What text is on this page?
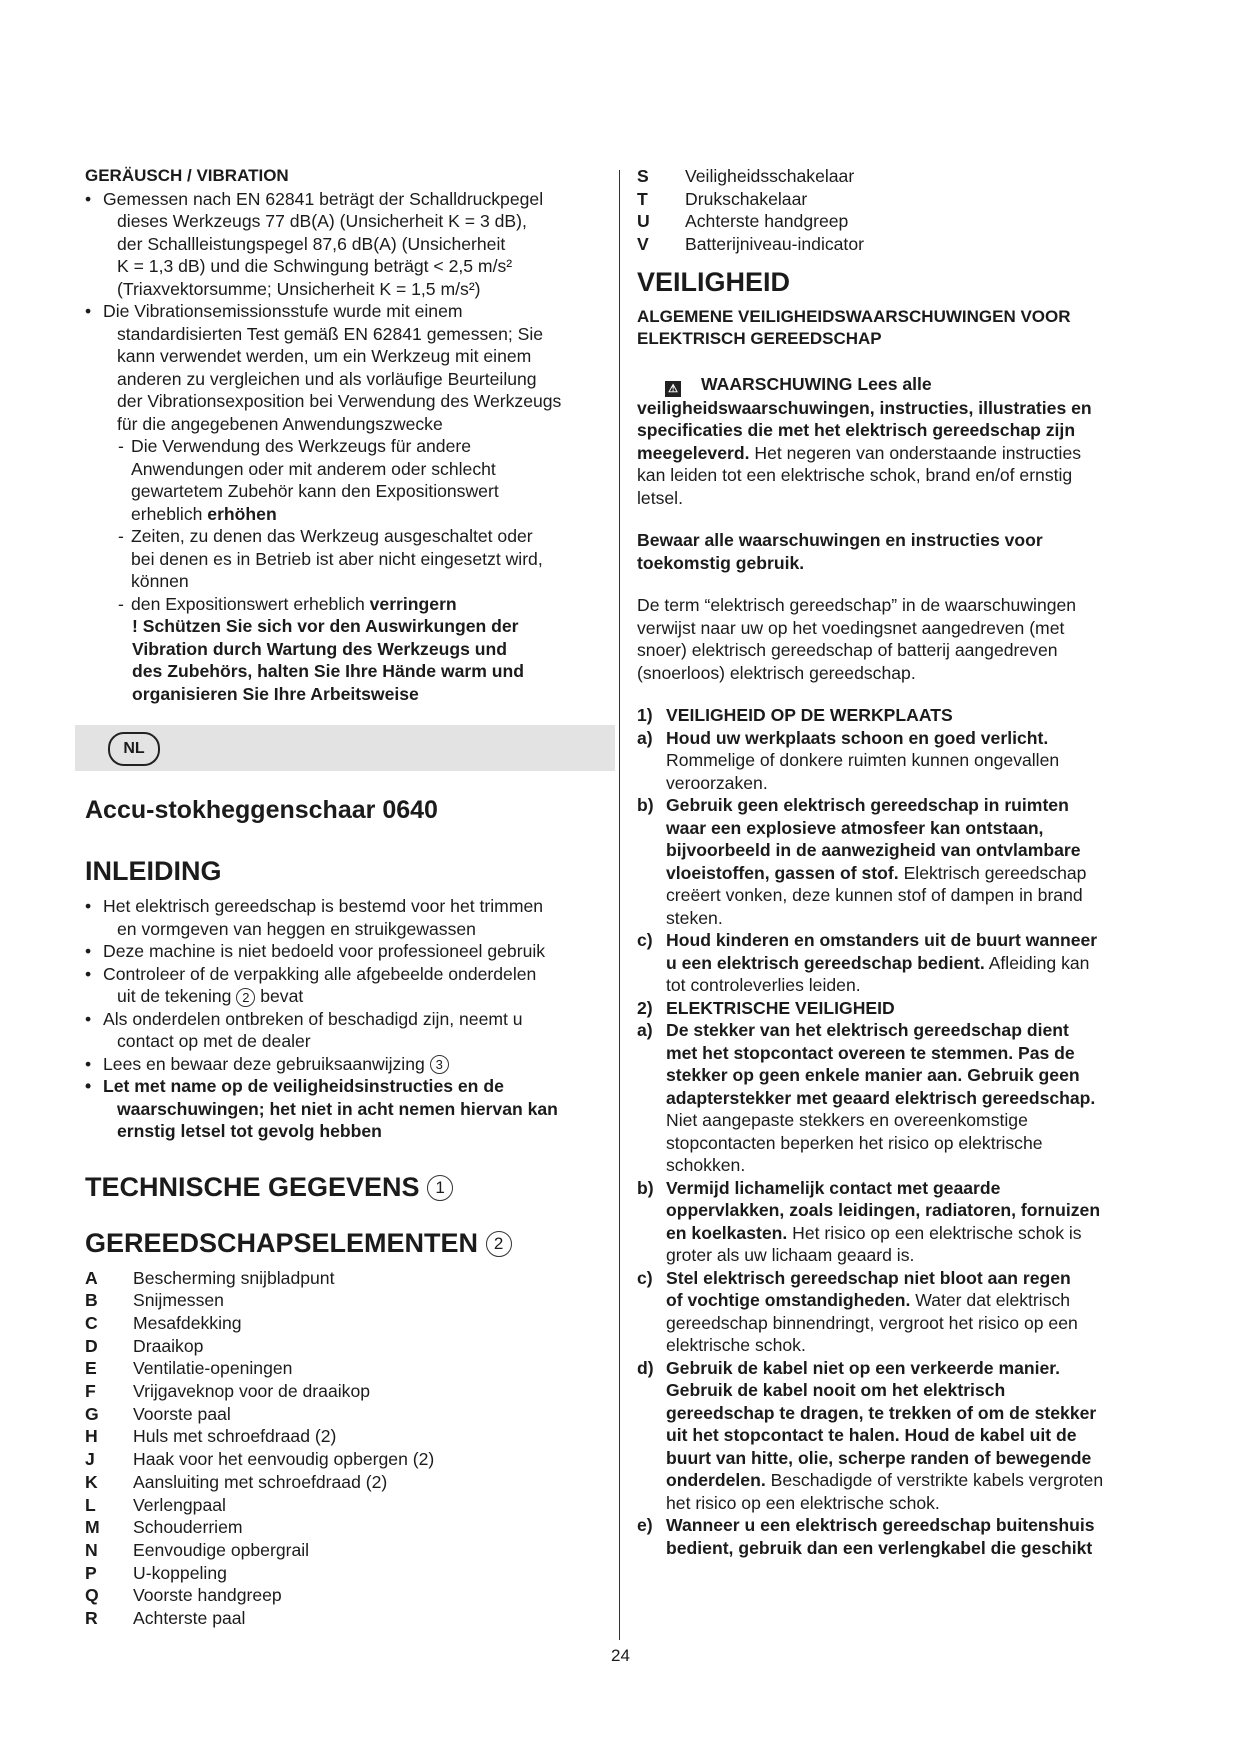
GERÄUSCH / VIBRATION

• Gemessen nach EN 62841 beträgt der Schalldruckpegel
dieses Werkzeugs 77 dB(A) (Unsicherheit K = 3 dB),
der Schallleistungspegel 87,6 dB(A) (Unsicherheit
K = 1,3 dB) und die Schwingung beträgt < 2,5 m/s²
(Triaxvektorsumme; Unsicherheit K = 1,5 m/s²)
• Die Vibrationsemissionsstufe wurde mit einem
standardisierten Test gemäß EN 62841 gemessen; Sie
kann verwendet werden, um ein Werkzeug mit einem
anderen zu vergleichen und als vorläufige Beurteilung
der Vibrationsexposition bei Verwendung des Werkzeugs
für die angegebenen Anwendungszwecke
- Die Verwendung des Werkzeugs für andere
Anwendungen oder mit anderem oder schlecht
gewartetem Zubehör kann den Expositionswert
erheblich erhöhen
- Zeiten, zu denen das Werkzeug ausgeschaltet oder
bei denen es in Betrieb ist aber nicht eingesetzt wird,
können
- den Expositionswert erheblich verringern
! Schützen Sie sich vor den Auswirkungen der
Vibration durch Wartung des Werkzeugs und
des Zubehörs, halten Sie Ihre Hände warm und
organisieren Sie Ihre Arbeitsweise
NL
Accu-stokheggenschaar 0640
INLEIDING
• Het elektrisch gereedschap is bestemd voor het trimmen
en vormgeven van heggen en struikgewassen
• Deze machine is niet bedoeld voor professioneel gebruik
• Controleer of de verpakking alle afgebeelde onderdelen
uit de tekening 2 bevat
• Als onderdelen ontbreken of beschadigd zijn, neemt u
contact op met de dealer
• Lees en bewaar deze gebruiksaanwijzing 3
• Let met name op de veiligheidsinstructies en de
waarschuwingen; het niet in acht nemen hiervan kan
ernstig letsel tot gevolg hebben
TECHNISCHE GEGEVENS 1
GEREEDSCHAPSELEMENTEN 2
A	Bescherming snijbladpunt
B	Snijmessen
C	Mesafdekking
D	Draaikop
E	Ventilatie-openingen
F	Vrijgaveknop voor de draaikop
G	Voorste paal
H	Huls met schroefdraad (2)
J	Haak voor het eenvoudig opbergen (2)
K	Aansluiting met schroefdraad (2)
L	Verlengpaal
M	Schouderriem
N	Eenvoudige opbergrail
P	U-koppeling
Q	Voorste handgreep
R	Achterste paal
S	Veiligheidsschakelaar
T	Drukschakelaar
U	Achterste handgreep
V	Batterijniveau-indicator
VEILIGHEID

ALGEMENE VEILIGHEIDSWAARSCHUWINGEN VOOR
ELEKTRISCH GEREEDSCHAP

⚠ WAARSCHUWING Lees alle

veiligheidswaarschuwingen, instructies, illustraties en

specificaties die met het elektrisch gereedschap zijn

meegeleverd. Het negeren van onderstaande instructies

kan leiden tot een elektrische schok, brand en/of ernstig

letsel.

Bewaar alle waarschuwingen en instructies voor

toekomstig gebruik.

De term “elektrisch gereedschap” in de waarschuwingen

verwijst naar uw op het voedingsnet aangedreven (met

snoer) elektrisch gereedschap of batterij aangedreven

(snoerloos) elektrisch gereedschap.

1) VEILIGHEID OP DE WERKPLAATS
a) Houd uw werkplaats schoon en goed verlicht.

Rommelige of donkere ruimten kunnen ongevallen

veroorzaken.

b) Gebruik geen elektrisch gereedschap in ruimten

waar een explosieve atmosfeer kan ontstaan,

bijvoorbeeld in de aanwezigheid van ontvlambare

vloeistoffen, gassen of stof. Elektrisch gereedschap

creëert vonken, deze kunnen stof of dampen in brand

steken.

c) Houd kinderen en omstanders uit de buurt wanneer

u een elektrisch gereedschap bedient. Afleiding kan

tot controleverlies leiden.

2) ELEKTRISCHE VEILIGHEID
a) De stekker van het elektrisch gereedschap dient

met het stopcontact overeen te stemmen. Pas de

stekker op geen enkele manier aan. Gebruik geen

adapterstekker met geaard elektrisch gereedschap.

Niet aangepaste stekkers en overeenkomstige

stopcontacten beperken het risico op elektrische

schokken.

b) Vermijd lichamelijk contact met geaarde

oppervlakken, zoals leidingen, radiatoren, fornuizen

en koelkasten. Het risico op een elektrische schok is

groter als uw lichaam geaard is.

c) Stel elektrisch gereedschap niet bloot aan regen

of vochtige omstandigheden. Water dat elektrisch

gereedschap binnendringt, vergroot het risico op een

elektrische schok.

d) Gebruik de kabel niet op een verkeerde manier.

Gebruik de kabel nooit om het elektrisch

gereedschap te dragen, te trekken of om de stekker

uit het stopcontact te halen. Houd de kabel uit de

buurt van hitte, olie, scherpe randen of bewegende

onderdelen. Beschadigde of verstrikte kabels vergroten

het risico op een elektrische schok.

e) Wanneer u een elektrisch gereedschap buitenshuis

bedient, gebruik dan een verlengkabel die geschikt

24
